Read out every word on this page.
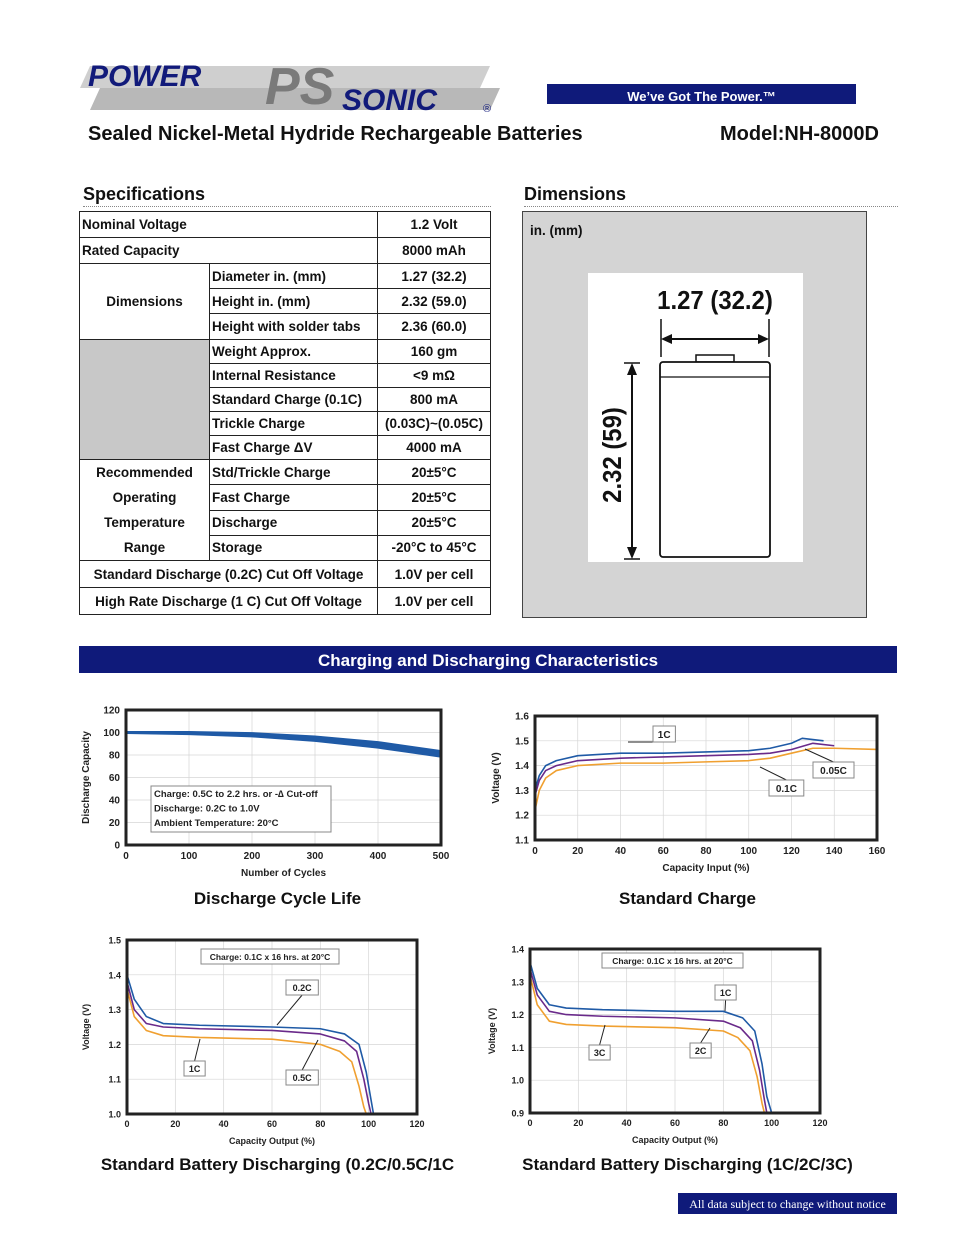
POWER PS SONIC	®
We’ve Got The Power.™
Sealed Nickel-Metal Hydride Rechargeable Batteries	Model:NH-8000D
Specifications	Dimensions
Nominal Voltage		1.2 Volt
Rated Capacity		8000 mAh
Dimensions	Diameter in. (mm)	1.27 (32.2)
	Height in. (mm)	2.32 (59.0)
	Height with solder tabs	2.36 (60.0)
	Weight Approx.	160 gm
	Internal Resistance	<9 mΩ
	Standard Charge (0.1C)	800 mA
	Trickle Charge	(0.03C)~(0.05C)
	Fast Charge ΔV	4000 mA

Recommended
Operating
Temperature
Range	Std/Trickle Charge	20±5°C
	Fast Charge	20±5°C
	Discharge	20±5°C
	Storage	-20°C to 45°C
Standard Discharge (0.2C) Cut Off Voltage		1.0V per cell
High Rate Discharge (1 C) Cut Off Voltage		1.0V per cell
in. (mm)
1.27 (32.2)
2.32 (59)
Charging and Discharging Characteristics
0	100	200	300	400	500
0
20
40
60
80
100
120
Number of Cycles
Discharge Capacity	Charge: 0.5C to 2.2 hrs. or -∆ Cut-off
Discharge: 0.2C to 1.0V
Ambient Temperature: 20°C
0	20	40	60	80	100	120	140	160
1.1
1.2
1.3
1.4
1.5
1.6
Capacity Input (%)
Voltage (V)
1C
0.05C
0.1C
0	20	40	60	80	100	120
1.0
1.1
1.2
1.3
1.4
1.5
Capacity Output (%)
Voltage (V)
Charge: 0.1C x 16 hrs. at 20°C
0.2C
0.5C
1C
0	20	40	60	80	100	120
0.9
1.0
1.1
1.2
1.3
1.4
Capacity Output (%)
Voltage (V)
Charge: 0.1C x 16 hrs. at 20°C
1C
2C
3C
Discharge Cycle Life	Standard Charge
Standard Battery Discharging (0.2C/0.5C/1C	Standard Battery Discharging (1C/2C/3C)
All data subject to change without notice
